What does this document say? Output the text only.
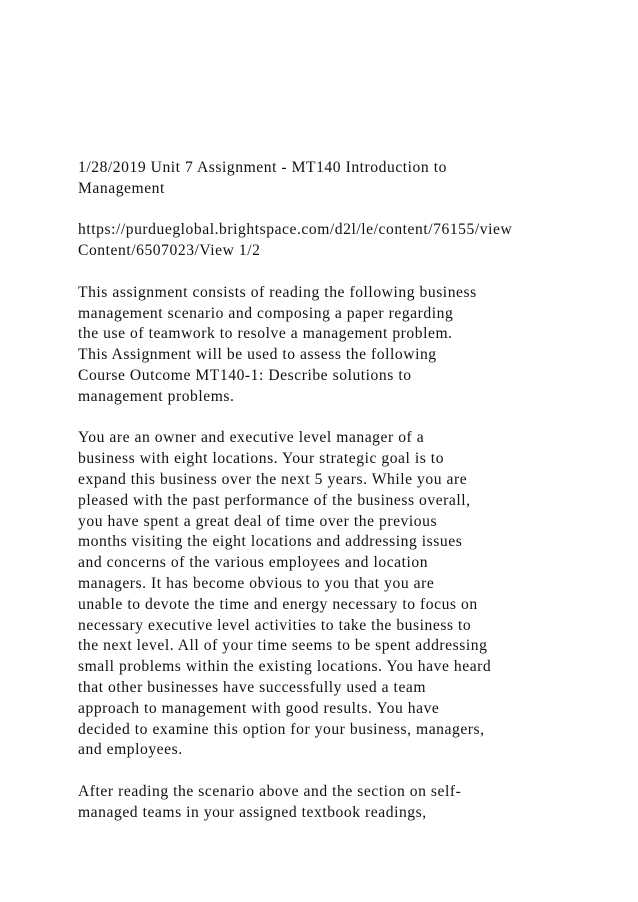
1/28/2019 Unit 7 Assignment - MT140 Introduction to
Management

https://purdueglobal.brightspace.com/d2l/le/content/76155/view
Content/6507023/View 1/2

This assignment consists of reading the following business
management scenario and composing a paper regarding
the use of teamwork to resolve a management problem.
This Assignment will be used to assess the following
Course Outcome MT140-1: Describe solutions to
management problems.

You are an owner and executive level manager of a
business with eight locations. Your strategic goal is to
expand this business over the next 5 years. While you are
pleased with the past performance of the business overall,
you have spent a great deal of time over the previous
months visiting the eight locations and addressing issues
and concerns of the various employees and location
managers. It has become obvious to you that you are
unable to devote the time and energy necessary to focus on
necessary executive level activities to take the business to
the next level. All of your time seems to be spent addressing
small problems within the existing locations. You have heard
that other businesses have successfully used a team
approach to management with good results. You have
decided to examine this option for your business, managers,
and employees.

After reading the scenario above and the section on self-
managed teams in your assigned textbook readings,
